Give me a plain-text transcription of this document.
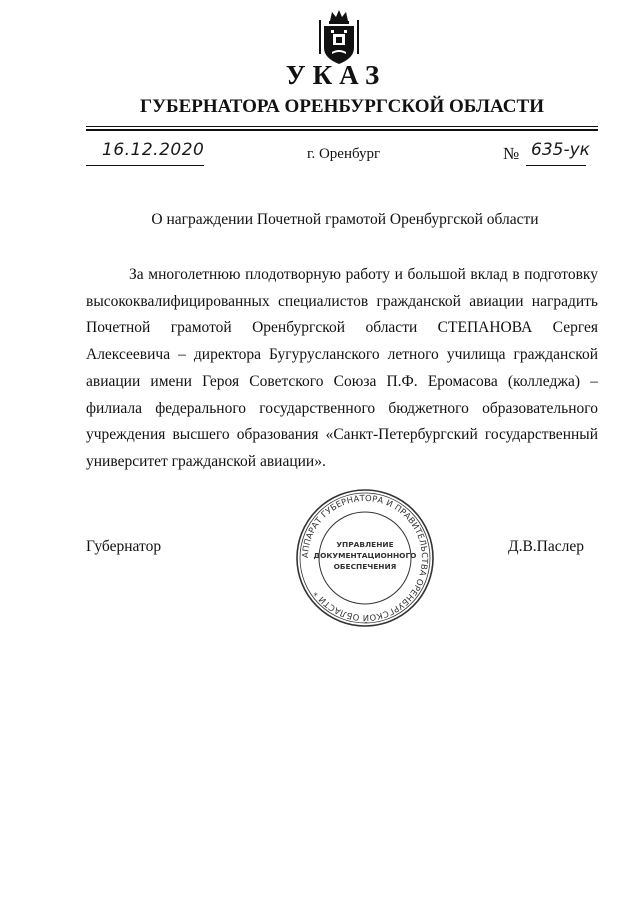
УКАЗ
ГУБЕРНАТОРА ОРЕНБУРГСКОЙ ОБЛАСТИ
16.12.2020	г. Оренбург	№ 635-ук
О награждении Почетной грамотой Оренбургской области

За многолетнюю плодотворную работу и большой вклад в подготовку высококвалифицированных специалистов гражданской авиации наградить Почетной грамотой Оренбургской области СТЕПАНОВА Сергея Алексеевича – директора Бугурусланского летного училища гражданской авиации имени Героя Советского Союза П.Ф. Еромасова (колледжа) – филиала федерального государственного бюджетного образовательного учреждения высшего образования «Санкт-Петербургский государственный университет гражданской авиации».

Губернатор	Д.В.Паслер
АППАРАТ ГУБЕРНАТОРА И ПРАВИТЕЛЬСТВА ОРЕНБУРГСКОЙ ОБЛАСТИ *
УПРАВЛЕНИЕ
ДОКУМЕНТАЦИОННОГО
ОБЕСПЕЧЕНИЯ
